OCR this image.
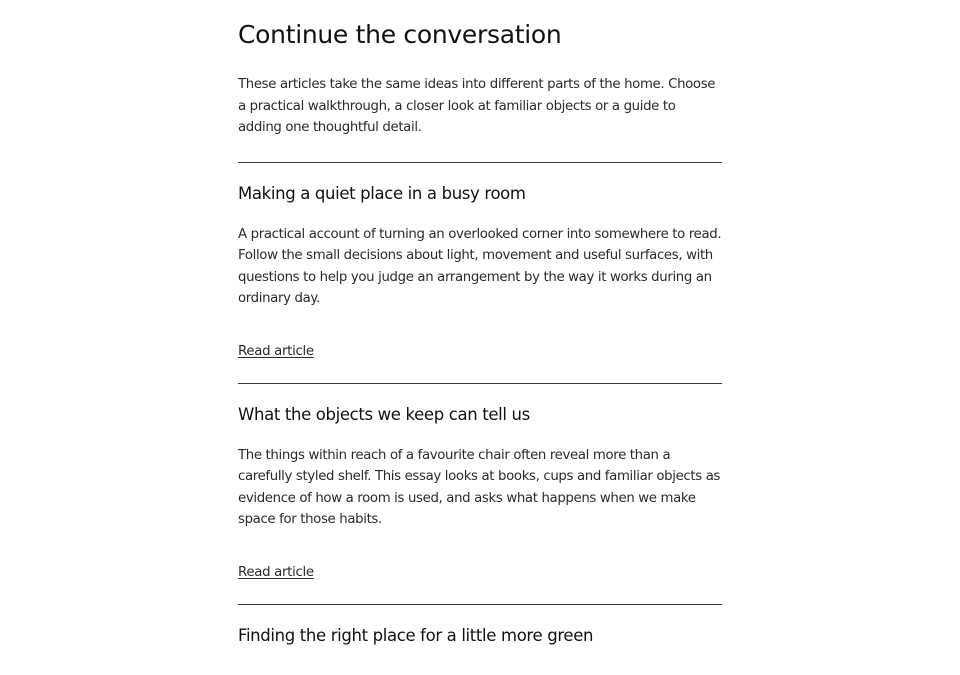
Continue the conversation

These articles take the same ideas into different parts of the home. Choose a practical walkthrough, a closer look at familiar objects or a guide to adding one thoughtful detail.

Making a quiet place in a busy room

A practical account of turning an overlooked corner into somewhere to read. Follow the small decisions about light, movement and useful surfaces, with questions to help you judge an arrangement by the way it works during an ordinary day.

Read article
What the objects we keep can tell us

The things within reach of a favourite chair often reveal more than a carefully styled shelf. This essay looks at books, cups and familiar objects as evidence of how a room is used, and asks what happens when we make space for those habits.

Read article
Finding the right place for a little more green
